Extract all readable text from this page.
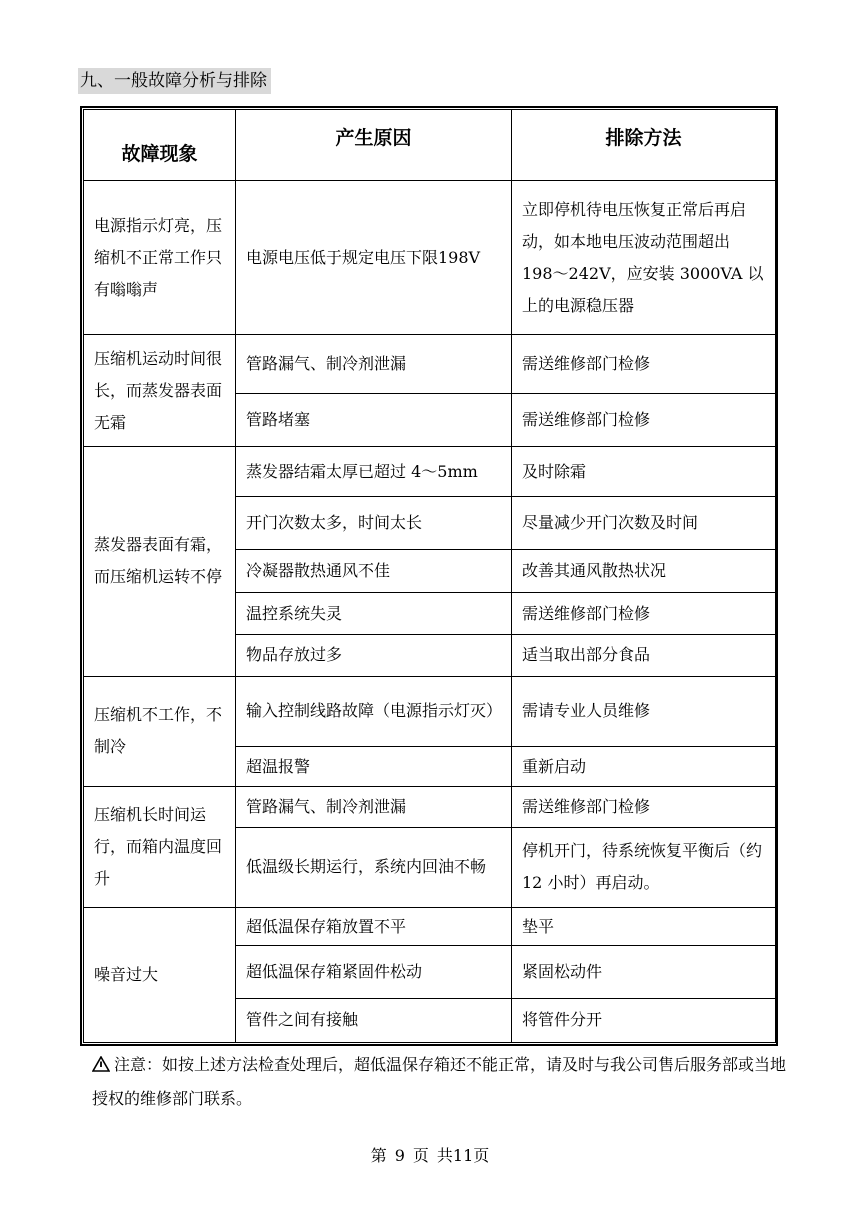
九、一般故障分析与排除
故障现象	产生原因	排除方法
电源指示灯亮，压缩机不正常工作只有嗡嗡声	电源电压低于规定电压下限198V	立即停机待电压恢复正常后再启动，如本地电压波动范围超出 198～242V，应安装 3000VA 以上的电源稳压器
压缩机运动时间很长，而蒸发器表面无霜	管路漏气、制冷剂泄漏	需送维修部门检修
	管路堵塞	需送维修部门检修
蒸发器表面有霜，而压缩机运转不停	蒸发器结霜太厚已超过 4～5mm	及时除霜
	开门次数太多，时间太长	尽量减少开门次数及时间
	冷凝器散热通风不佳	改善其通风散热状况
	温控系统失灵	需送维修部门检修
	物品存放过多	适当取出部分食品
压缩机不工作，不制冷	输入控制线路故障（电源指示灯灭）	需请专业人员维修
	超温报警	重新启动
压缩机长时间运行，而箱内温度回升	管路漏气、制冷剂泄漏	需送维修部门检修
	低温级长期运行，系统内回油不畅	停机开门，待系统恢复平衡后（约 12 小时）再启动。
噪音过大	超低温保存箱放置不平	垫平
	超低温保存箱紧固件松动	紧固松动件
	管件之间有接触	将管件分开
注意：如按上述方法检查处理后，超低温保存箱还不能正常，请及时与我公司售后服务部或当地授权的维修部门联系。
第 9 页 共11页
